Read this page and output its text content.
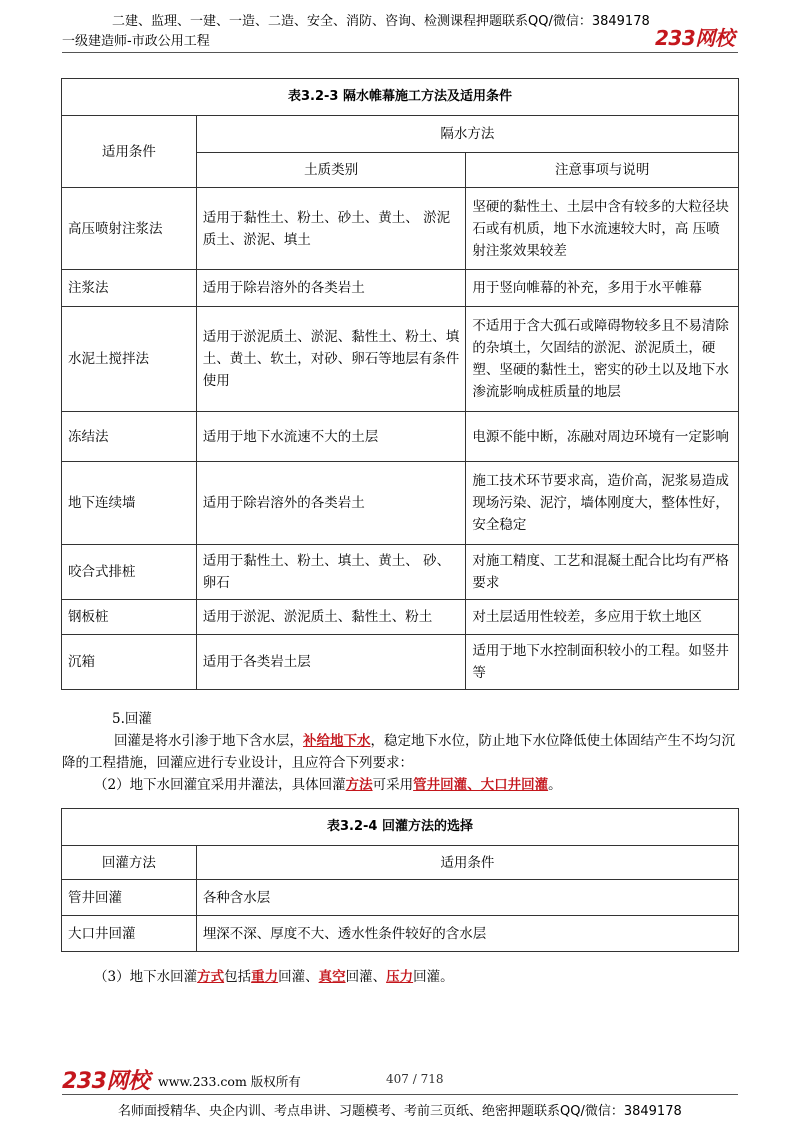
二建、监理、一建、一造、二造、安全、消防、咨询、检测课程押题联系QQ/微信：3849178
一级建造师-市政公用工程	233网校
表3.2-3 隔水帷幕施工方法及适用条件		
适用条件	隔水方法	
	土质类别	注意事项与说明
高压喷射注浆法	适用于黏性土、粉土、砂土、黄土、 淤泥质土、淤泥、填土	坚硬的黏性土、土层中含有较多的大粒径块石或有机质，地下水流速较大时，高 压喷射注浆效果较差
注浆法	适用于除岩溶外的各类岩土	用于竖向帷幕的补充，多用于水平帷幕
水泥土搅拌法	适用于淤泥质土、淤泥、黏性土、粉土、填土、黄土、软土，对砂、卵石等地层有条件使用	不适用于含大孤石或障碍物较多且不易清除的杂填土，欠固结的淤泥、淤泥质土，硬塑、坚硬的黏性土，密实的砂土以及地下水渗流影响成桩质量的地层
冻结法	适用于地下水流速不大的土层	电源不能中断，冻融对周边环境有一定影响
地下连续墙	适用于除岩溶外的各类岩土	施工技术环节要求高，造价高，泥浆易造成现场污染、泥泞，墙体刚度大，整体性好，安全稳定
咬合式排桩	适用于黏性土、粉土、填土、黄土、 砂、卵石	对施工精度、工艺和混凝土配合比均有严格要求
钢板桩	适用于淤泥、淤泥质土、黏性土、粉土	对土层适用性较差，多应用于软土地区
沉箱	适用于各类岩土层	适用于地下水控制面积较小的工程。如竖井等
5.回灌
回灌是将水引渗于地下含水层，补给地下水，稳定地下水位，防止地下水位降低使土体固结产生不均匀沉降的工程措施，回灌应进行专业设计，且应符合下列要求：
（2）地下水回灌宜采用井灌法，具体回灌方法可采用管井回灌、大口井回灌。
表3.2-4 回灌方法的选择	
回灌方法	适用条件
管井回灌	各种含水层
大口井回灌	埋深不深、厚度不大、透水性条件较好的含水层
（3）地下水回灌方式包括重力回灌、真空回灌、压力回灌。
233网校 www.233.com 版权所有	407 / 718
名师面授精华、央企内训、考点串讲、习题模考、考前三页纸、绝密押题联系QQ/微信：3849178
